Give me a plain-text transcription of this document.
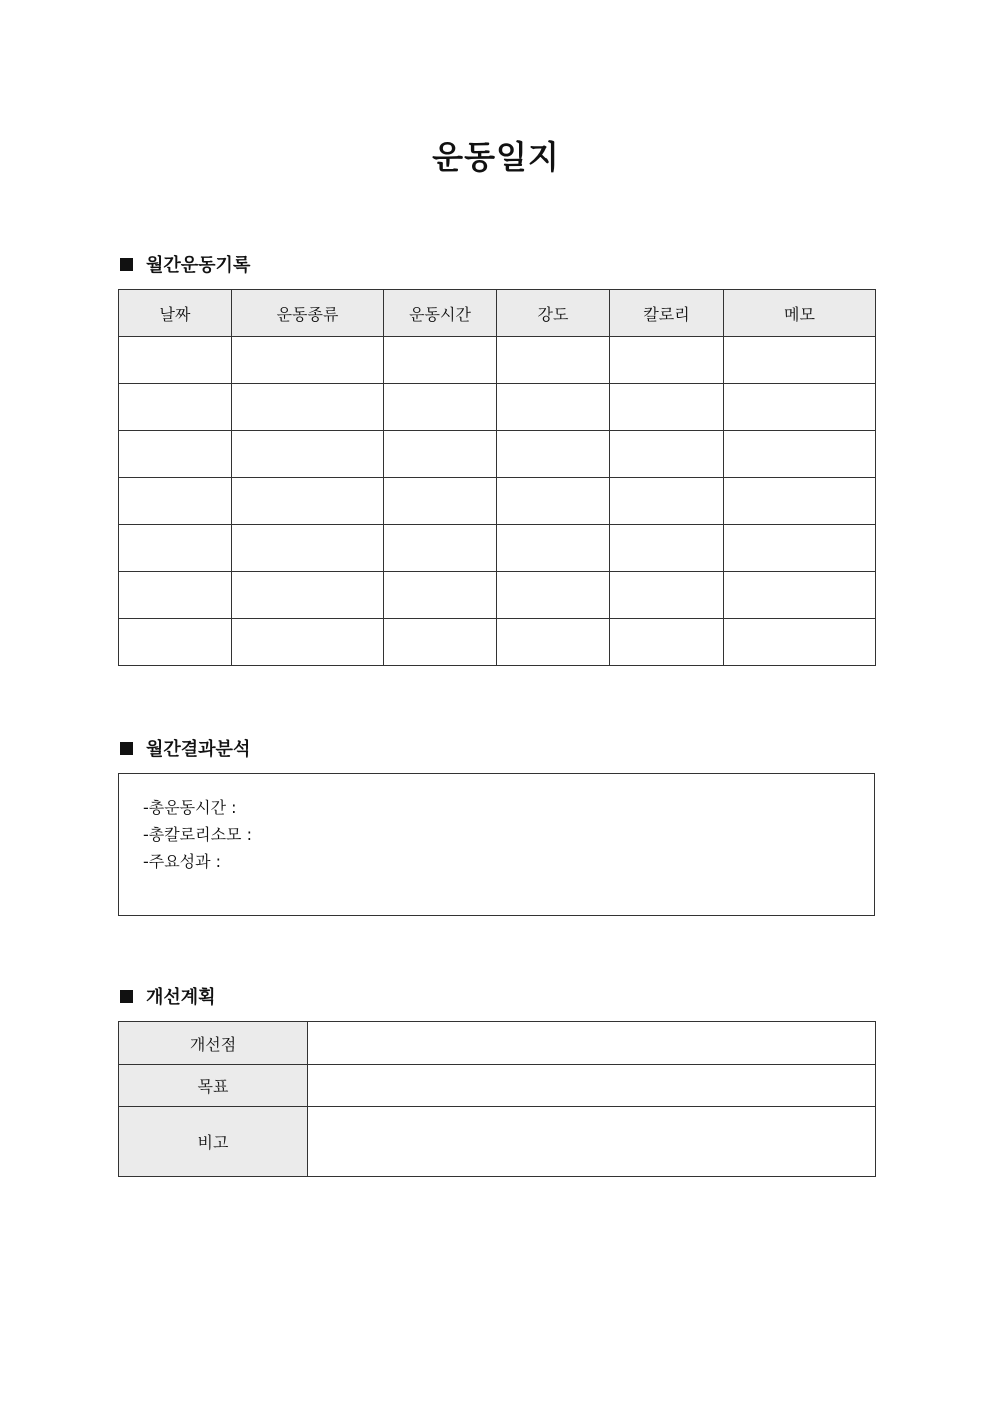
운동일지
월간운동기록
날짜	운동종류	운동시간	강도	칼로리	메모

월간결과분석
-총운동시간 :
-총칼로리소모 :
-주요성과 :
개선계획
개선점	
목표	
비고	
